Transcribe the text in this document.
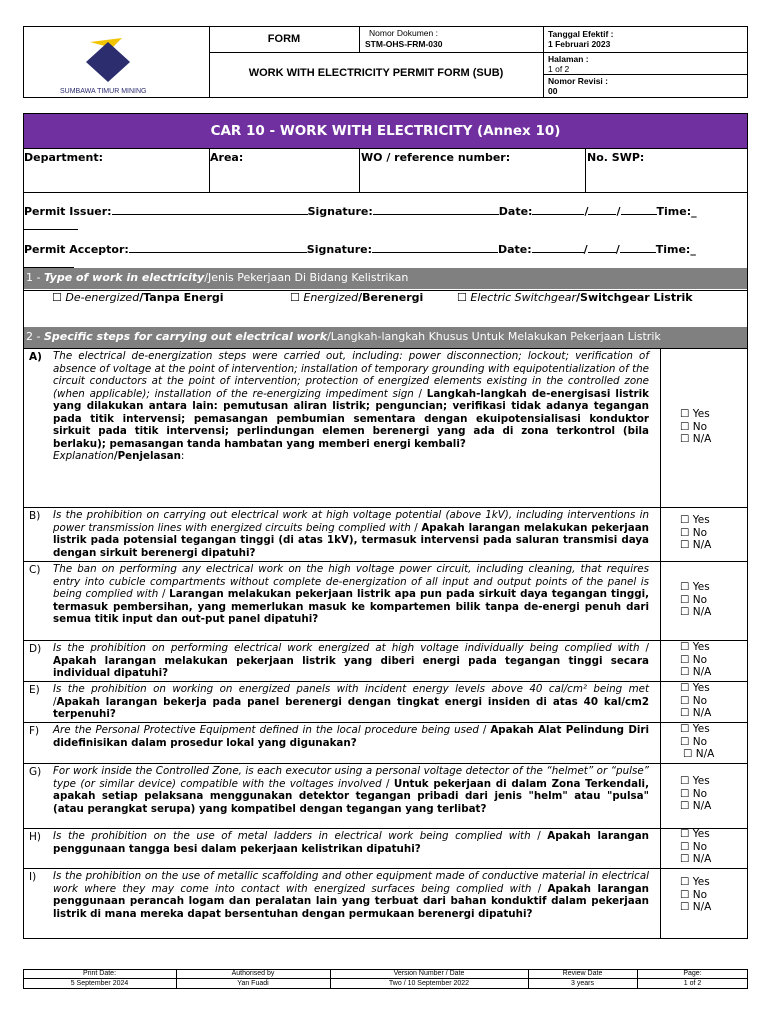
SUMBAWA TIMUR MINING
FORM	Nomor Dokumen :
STM-OHS-FRM-030
Tanggal Efektif :
1 Februari 2023
WORK WITH ELECTRICITY PERMIT FORM (SUB)
Halaman :
1 of 2
Nomor Revisi :
00
CAR 10 - WORK WITH ELECTRICITY (Annex 10)
Department:	Area:	WO / reference number:	No. SWP:
Permit Issuer:	Signature:	Date:	/	/	Time:_
Permit Acceptor:	Signature:	Date:	/	/	Time:_
1 - Type of work in electricity/Jenis Pekerjaan Di Bidang Kelistrikan
☐ De-energized/Tanpa Energi	☐ Energized/Berenergi	☐ Electric Switchgear/Switchgear Listrik
2 - Specific steps for carrying out electrical work/Langkah-langkah Khusus Untuk Melakukan Pekerjaan Listrik
A) The electrical de-energization steps were carried out, including: power disconnection; lockout; verification of absence of voltage at the point of intervention; installation of temporary grounding with equipotentialization of the circuit conductors at the point of intervention; protection of energized elements existing in the controlled zone (when applicable); installation of the re-energizing impediment sign / Langkah-langkah de-energisasi listrik yang dilakukan antara lain: pemutusan aliran listrik; penguncian; verifikasi tidak adanya tegangan pada titik intervensi; pemasangan pembumian sementara dengan ekuipotensialisasi konduktor sirkuit pada titik intervensi; perlindungan elemen berenergi yang ada di zona terkontrol (bila berlaku); pemasangan tanda hambatan yang memberi energi kembali?
Explanation/Penjelasan:
☐ Yes
☐ No
☐ N/A
B) Is the prohibition on carrying out electrical work at high voltage potential (above 1kV), including interventions in power transmission lines with energized circuits being complied with / Apakah larangan melakukan pekerjaan listrik pada potensial tegangan tinggi (di atas 1kV), termasuk intervensi pada saluran transmisi daya dengan sirkuit berenergi dipatuhi?
☐ Yes
☐ No
☐ N/A
C) The ban on performing any electrical work on the high voltage power circuit, including cleaning, that requires entry into cubicle compartments without complete de-energization of all input and output points of the panel is being complied with / Larangan melakukan pekerjaan listrik apa pun pada sirkuit daya tegangan tinggi, termasuk pembersihan, yang memerlukan masuk ke kompartemen bilik tanpa de-energi penuh dari semua titik input dan out-put panel dipatuhi?
☐ Yes
☐ No
☐ N/A
D) Is the prohibition on performing electrical work energized at high voltage individually being complied with / Apakah larangan melakukan pekerjaan listrik yang diberi energi pada tegangan tinggi secara individual dipatuhi?
☐ Yes
☐ No
☐ N/A
E) Is the prohibition on working on energized panels with incident energy levels above 40 cal/cm² being met /Apakah larangan bekerja pada panel berenergi dengan tingkat energi insiden di atas 40 kal/cm2 terpenuhi?
☐ Yes
☐ No
☐ N/A
F) Are the Personal Protective Equipment defined in the local procedure being used / Apakah Alat Pelindung Diri didefinisikan dalam prosedur lokal yang digunakan?
☐ Yes
☐ No
☐ N/A
G) For work inside the Controlled Zone, is each executor using a personal voltage detector of the “helmet” or “pulse” type (or similar device) compatible with the voltages involved / Untuk pekerjaan di dalam Zona Terkendali, apakah setiap pelaksana menggunakan detektor tegangan pribadi dari jenis "helm" atau "pulsa" (atau perangkat serupa) yang kompatibel dengan tegangan yang terlibat?
☐ Yes
☐ No
☐ N/A
H) Is the prohibition on the use of metal ladders in electrical work being complied with / Apakah larangan penggunaan tangga besi dalam pekerjaan kelistrikan dipatuhi?
☐ Yes
☐ No
☐ N/A
I) Is the prohibition on the use of metallic scaffolding and other equipment made of conductive material in electrical work where they may come into contact with energized surfaces being complied with / Apakah larangan penggunaan perancah logam dan peralatan lain yang terbuat dari bahan konduktif dalam pekerjaan listrik di mana mereka dapat bersentuhan dengan permukaan berenergi dipatuhi?
☐ Yes
☐ No
☐ N/A
Print Date:	Authorised by	Version Number / Date	Review Date	Page:
5 September 2024	Yan Fuadi	Two / 10 September 2022	3 years	1 of 2
